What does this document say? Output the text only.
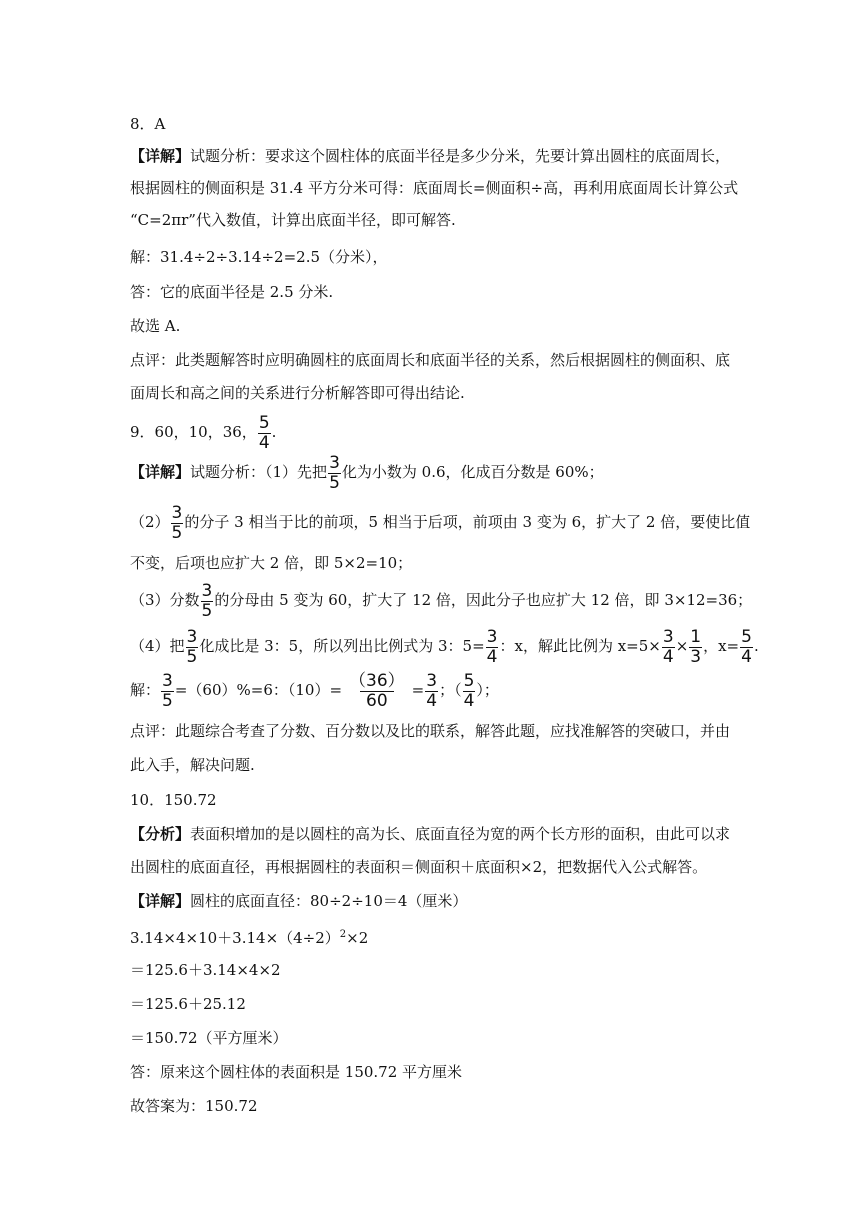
8．A
【详解】试题分析：要求这个圆柱体的底面半径是多少分米，先要计算出圆柱的底面周长，
根据圆柱的侧面积是 31.4 平方分米可得：底面周长=侧面积÷高，再利用底面周长计算公式
“C=2πr”代入数值，计算出底面半径，即可解答.
解：31.4÷2÷3.14÷2=2.5（分米），
答：它的底面半径是 2.5 分米.
故选 A.
点评：此类题解答时应明确圆柱的底面周长和底面半径的关系，然后根据圆柱的侧面积、底
面周长和高之间的关系进行分析解答即可得出结论.
9．60，10，36， $\frac{5}{4}$ .
【详解】试题分析：（1）先把 $\frac{3}{5}$ 化为小数为 0.6，化成百分数是 60%；
$(2) \frac{3}{5}$ 的分子 3 相当于比的前项，5 相当于后项，前项由 3 变为 6，扩大了 2 倍，要使比值
不变，后项也应扩大 2 倍，即 5×2=10；
（3）分数 $\frac{3}{5}$ 的分母由 5 变为 60，扩大了 12 倍，因此分子也应扩大 12 倍，即 3×12=36；
（4）把 $\frac{3}{5}$ 化成比是 3：5，所以列出比例式为 3：$5= \frac{3}{4}$ ：x，解此比例为 $x=5\times \frac{3}{4} \times \frac{1}{3}$ ，$x= \frac{5}{4}$ .
解： $\frac{3}{5} =(60)\%=6$：$(10)= \frac{(36)}{60} = \frac{3}{4}$ ；（ $\frac{5}{4}$ ）；
点评：此题综合考查了分数、百分数以及比的联系，解答此题，应找准解答的突破口，并由
此入手，解决问题.
10．150.72
【分析】表面积增加的是以圆柱的高为长、底面直径为宽的两个长方形的面积，由此可以求
出圆柱的底面直径，再根据圆柱的表面积＝侧面积＋底面积×2，把数据代入公式解答。
【详解】圆柱的底面直径：80÷2÷10＝4（厘米）
$3.14\times 4\times 10+3.14\times(4\div 2)^2\times 2$
＝125.6＋3.14×4×2
＝125.6＋25.12
＝150.72（平方厘米）
答：原来这个圆柱体的表面积是 150.72 平方厘米
故答案为：150.72
